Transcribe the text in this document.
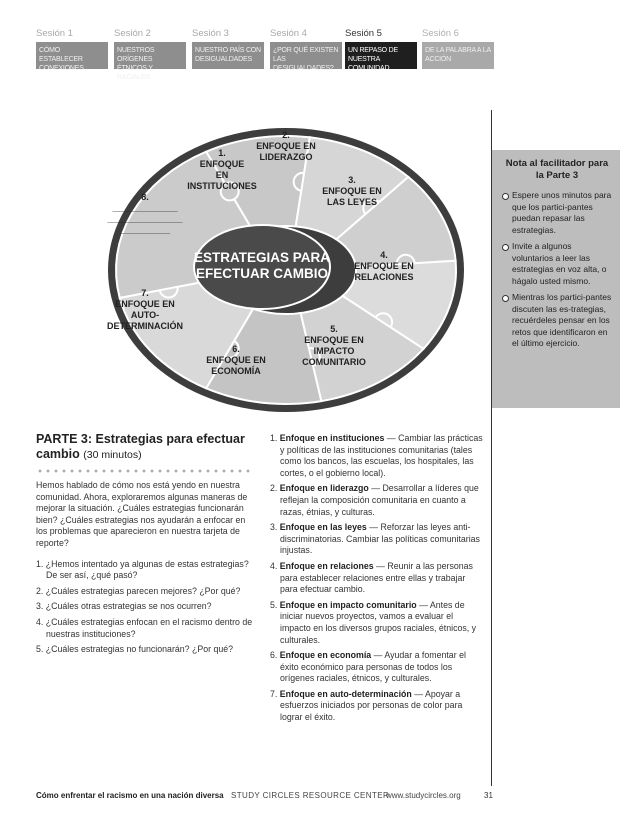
Sesión 1
CÓMO ESTABLECER CONEXIONES
Sesión 2
NUESTROS ORÍGENES ÉTNICOS Y RACIALES
Sesión 3
NUESTRO PAÍS CON DESIGUALDADES
Sesión 4
¿POR QUÉ EXISTEN LAS DESIGUALDADES?
Sesión 5
UN REPASO DE NUESTRA COMUNIDAD
Sesión 6
DE LA PALABRA A LA ACCIÓN
1.
ENFOQUE
EN
INSTITUCIONES
2.
ENFOQUE EN
LIDERAZGO
3.
ENFOQUE EN
LAS LEYES
4.
ENFOQUE EN
RELACIONES
5.
ENFOQUE EN
IMPACTO
COMUNITARIO
6.
ENFOQUE EN
ECONOMÍA
7.
ENFOQUE EN
AUTO-
DETERMINACIÓN
8.
_____________
_______________
__________
ESTRATEGIAS PARA
EFECTUAR CAMBIO
Nota al facilitador para la Parte 3
Espere unos minutos para que los partici-pantes puedan repasar las estrategias.
Invite a algunos voluntarios a leer las estrategias en voz alta, o hágalo usted mismo.
Mientras los partici-pantes discuten las es-trategias, recuérdeles pensar en los retos que identificaron en el último ejercicio.
PARTE 3: Estrategias para efectuar cambio (30 minutos)

Hemos hablado de cómo nos está yendo en nuestra comunidad. Ahora, exploraremos algunas maneras de mejorar la situación. ¿Cuáles estrategias funcionarán bien? ¿Cuáles estrategias nos ayudarán a enfocar en los problemas que aparecieron en nuestra tarjeta de reporte?

1. ¿Hemos intentado ya algunas de estas estrategias? De ser así, ¿qué pasó?
2. ¿Cuáles estrategias parecen mejores? ¿Por qué?
3. ¿Cuáles otras estrategias se nos ocurren?
4. ¿Cuáles estrategias enfocan en el racismo dentro de nuestras instituciones?
5. ¿Cuáles estrategias no funcionarán? ¿Por qué?
1. Enfoque en instituciones — Cambiar las prácticas y políticas de las instituciones comunitarias (tales como los bancos, las escuelas, los hospitales, las cortes, o el gobierno local).
2. Enfoque en liderazgo — Desarrollar a líderes que reflejan la composición comunitaria en cuanto a razas, étnias, y culturas.
3. Enfoque en las leyes — Reforzar las leyes anti-discriminatorias. Cambiar las políticas comunitarias injustas.
4. Enfoque en relaciones — Reunir a las personas para establecer relaciones entre ellas y trabajar para efectuar cambio.
5. Enfoque en impacto comunitario — Antes de iniciar nuevos proyectos, vamos a evaluar el impacto en los diversos grupos raciales, étnicos, y culturales.
6. Enfoque en economía — Ayudar a fomentar el éxito económico para personas de todos los orígenes raciales, étnicos, y culturales.
7. Enfoque en auto-determinación — Apoyar a esfuerzos iniciados por personas de color para lograr el éxito.
Cómo enfrentar el racismo en una nación diversa STUDY CIRCLES RESOURCE CENTER
www.studycircles.org	31
